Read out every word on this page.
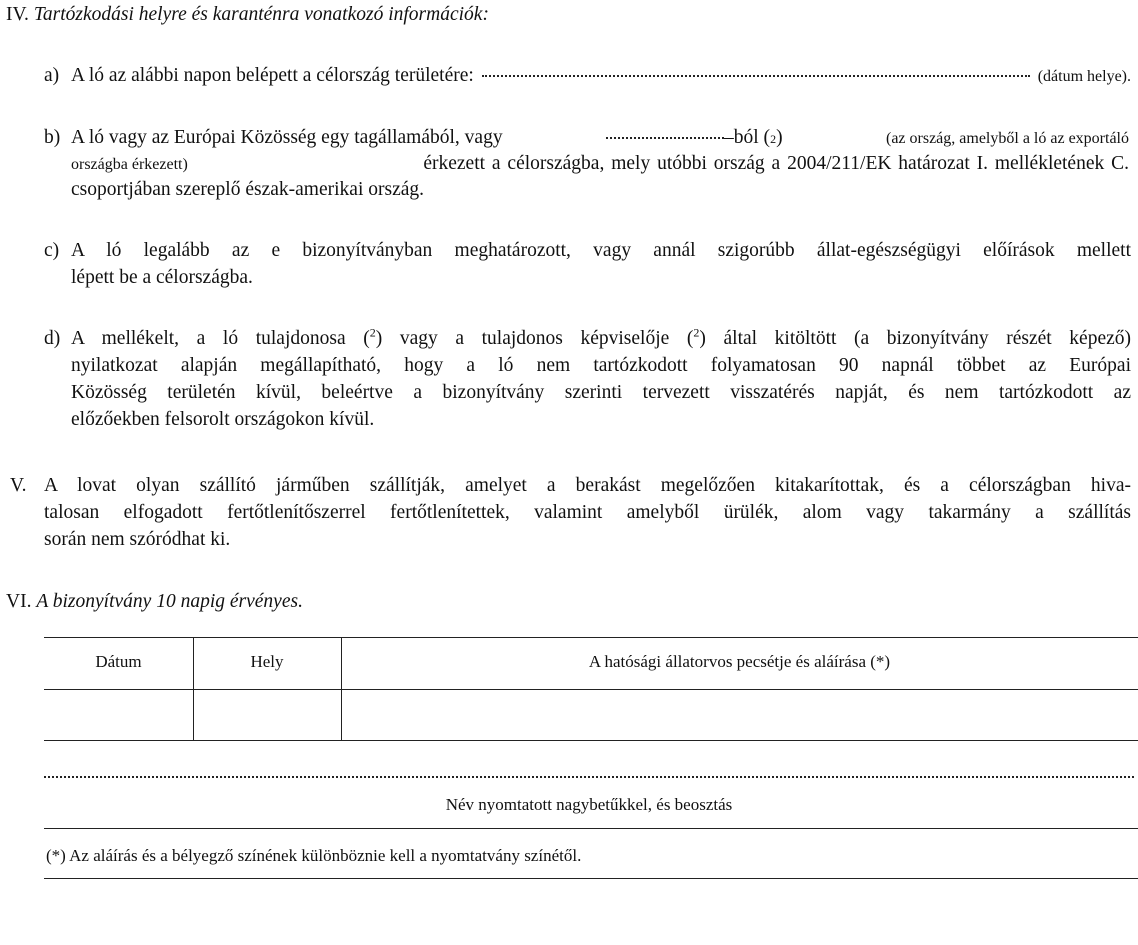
IV. Tartózkodási helyre és karanténra vonatkozó információk:
a) A ló az alábbi napon belépett a célország területére:	(dátum helye).
b) A ló vagy az Európai Közösség egy tagállamából, vagy	–ból ( 2 )	(az ország, amelyből a ló az exportáló
országba érkezett)	érkezett a célországba, mely utóbbi ország a 2004/211/EK határozat I. mellékletének C.
csoportjában szereplő észak-amerikai ország.
c) A ló legalább az e bizonyítványban meghatározott, vagy annál szigorúbb állat-egészségügyi előírások mellett
lépett be a célországba.
d) A mellékelt, a ló tulajdonosa ($^2$) vagy a tulajdonos képviselője ($^2$) által kitöltött (a bizonyítvány részét képező)
nyilatkozat alapján megállapítható, hogy a ló nem tartózkodott folyamatosan 90 napnál többet az Európai
Közösség területén kívül, beleértve a bizonyítvány szerinti tervezett visszatérés napját, és nem tartózkodott az
előzőekben felsorolt országokon kívül.
V. A lovat olyan szállító járműben szállítják, amelyet a berakást megelőzően kitakarítottak, és a célországban hiva-
talosan elfogadott fertőtlenítőszerrel fertőtlenítettek, valamint amelyből ürülék, alom vagy takarmány a szállítás
során nem szóródhat ki.
VI. A bizonyítvány 10 napig érvényes.
Dátum	Hely	A hatósági állatorvos pecsétje és aláírása (*)
Név nyomtatott nagybetűkkel, és beosztás
(*) Az aláírás és a bélyegző színének különböznie kell a nyomtatvány színétől.
